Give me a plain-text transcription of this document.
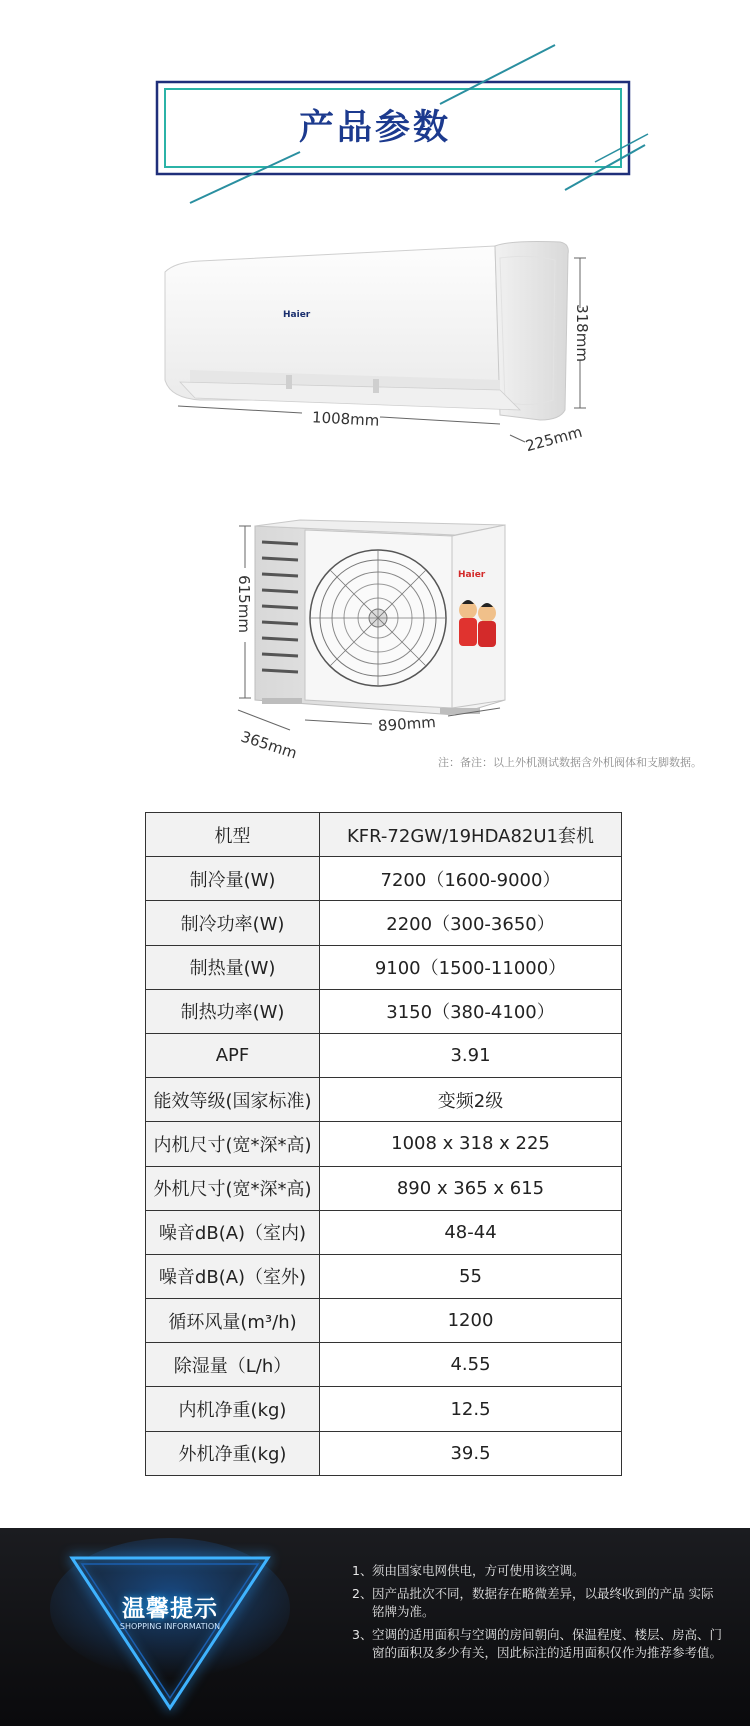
产品参数
1008mm
318mm
225mm
Haier
615mm
890mm
365mm
Haier
注：备注：以上外机测试数据含外机阀体和支脚数据。
机型	KFR-72GW/19HDA82U1套机
制冷量(W)	7200（1600-9000）
制冷功率(W)	2200（300-3650）
制热量(W)	9100（1500-11000）
制热功率(W)	3150（380-4100）
APF	3.91
能效等级(国家标准)	变频2级
内机尺寸(宽*深*高)	1008 x 318 x 225
外机尺寸(宽*深*高)	890 x 365 x 615
噪音dB(A)（室内)	48-44
噪音dB(A)（室外)	55
循环风量(m³/h)	1200
除湿量（L/h）	4.55
内机净重(kg)	12.5
外机净重(kg)	39.5
温馨提示
SHOPPING INFORMATION
1、 须由国家电网供电，方可使用该空调。
2、 因产品批次不同，数据存在略微差异，以最终收到的产品 实际铭牌为准。
3、 空调的适用面积与空调的房间朝向、保温程度、楼层、房高、门窗的面积及多少有关，因此标注的适用面积仅作为推荐参考值。
